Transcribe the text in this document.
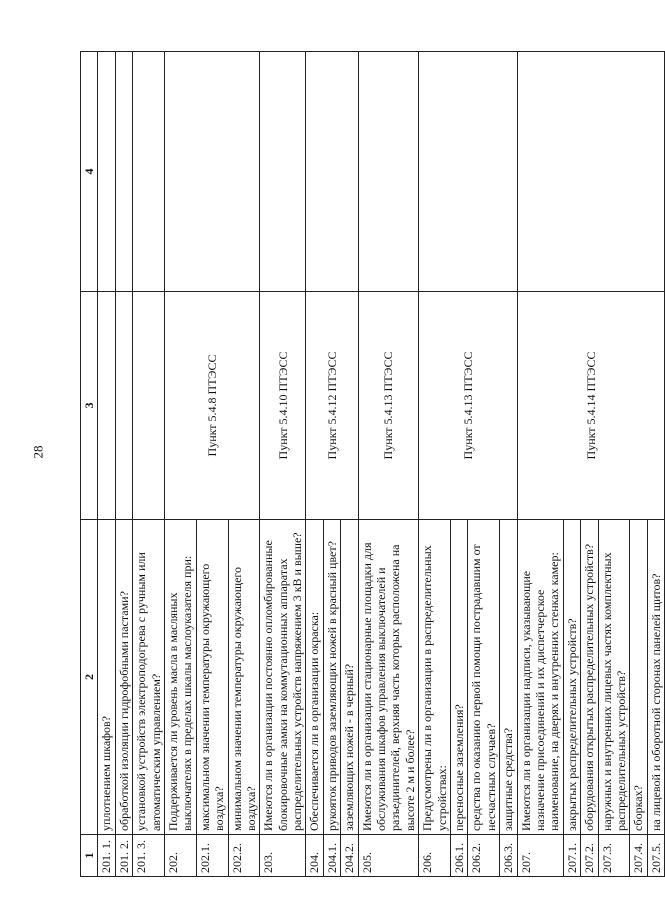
28
1	2	3	4
201. 1.	уплотнением шкафов?		
201. 2.	обработкой изоляции гидрофобными пастами?		
201. 3.	установкой устройств электроподогрева с ручным или автоматическим управлением?		
202.	Поддерживается ли уровень масла в масляных выключателях в пределах шкалы маслоуказателя при:	Пункт 5.4.8 ПТЭСС	
202.1.	максимальном значении температуры окружающего воздуха?		
202.2.	минимальном значении температуры окружающего воздуха?		
203.	Имеются ли в организации постоянно опломбированные блокировочные замки на коммутационных аппаратах распределительных устройств напряжением 3 кВ и выше?	Пункт 5.4.10 ПТЭСС	
204.	Обеспечивается ли в организации окраска:	Пункт 5.4.12 ПТЭСС	
204.1.	рукояток приводов заземляющих ножей в красный цвет?		
204.2.	заземляющих ножей - в черный?		
205.	Имеются ли в организации стационарные площадки для обслуживания шкафов управления выключателей и разъединителей, верхняя часть которых расположена на высоте 2 м и более?	Пункт 5.4.13 ПТЭСС	
206.	Предусмотрены ли в организации в распределительных устройствах:	Пункт 5.4.13 ПТЭСС	
206.1.	переносные заземления?		
206.2.	средства по оказанию первой помощи пострадавшим от несчастных случаев?		
206.3.	защитные средства?		
207.	Имеются ли в организации надписи, указывающие назначение присоединений и их диспетчерское наименование, на дверях и внутренних стенках камер:	Пункт 5.4.14 ПТЭСС	
207.1.	закрытых распределительных устройств?		
207.2.	оборудования открытых распределительных устройств?		
207.3.	наружных и внутренних лицевых частях комплектных распределительных устройств?		
207.4.	сборках?		
207.5.	на лицевой и оборотной сторонах панелей щитов?		
